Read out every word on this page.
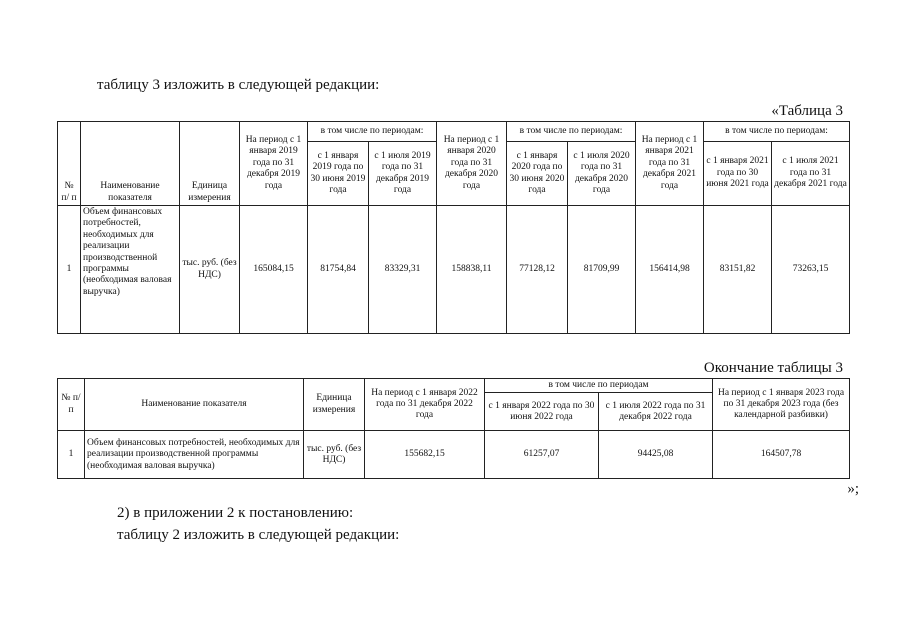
таблицу 3 изложить в следующей редакции:
«Таблица 3
№ п/ п	Наименование показателя	Единица измерения	На период с 1 января 2019 года по 31 декабря 2019 года	в том числе по периодам:		На период с 1 января 2020 года по 31 декабря 2020 года	в том числе по периодам:		На период с 1 января 2021 года по 31 декабря 2021 года	в том числе по периодам:	
				с 1 января 2019 года по 30 июня 2019 года	с 1 июля 2019 года по 31 декабря 2019 года		с 1 января 2020 года по 30 июня 2020 года	с 1 июля 2020 года по 31 декабря 2020 года		с 1 января 2021 года по 30 июня 2021 года	с 1 июля 2021 года по 31 декабря 2021 года
1	Объем финансовых потребностей, необходимых для реализации производственной программы (необходимая валовая выручка)	тыс. руб. (без НДС)	165084,15	81754,84	83329,31	158838,11	77128,12	81709,99	156414,98	83151,82	73263,15
Окончание таблицы 3
№ п/п	Наименование показателя	Единица измерения	На период с 1 января 2022 года по 31 декабря 2022 года	в том числе по периодам		На период с 1 января 2023 года по 31 декабря 2023 года (без календарной разбивки)
				с 1 января 2022 года по 30 июня 2022 года	с 1 июля 2022 года по 31 декабря 2022 года	
1	Объем финансовых потребностей, необходимых для реализации производственной программы (необходимая валовая выручка)	тыс. руб. (без НДС)	155682,15	61257,07	94425,08	164507,78
»;
2) в приложении 2 к постановлению:
таблицу 2 изложить в следующей редакции:
